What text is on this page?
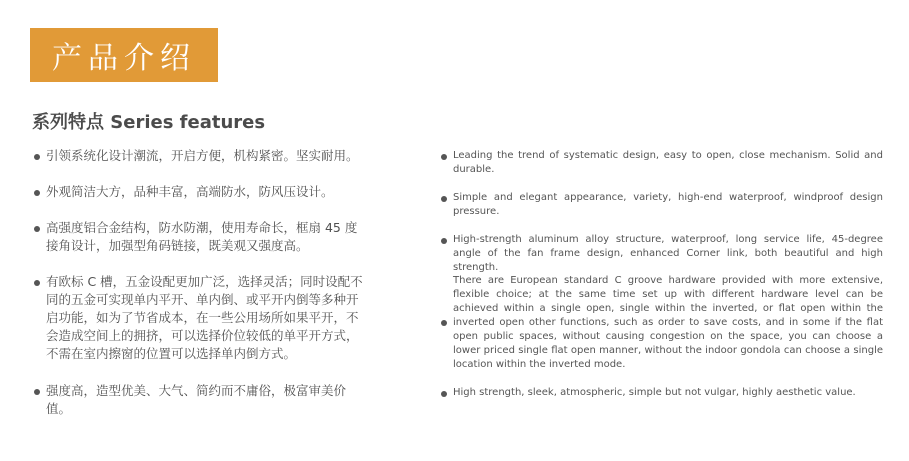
产品介绍
系列特点 Series features
引领系统化设计潮流，开启方便，机构紧密。坚实耐用。
外观简洁大方，品种丰富，高端防水，防风压设计。
高强度铝合金结构，防水防潮，使用寿命长，框扇 45 度接角设计，加强型角码链接，既美观又强度高。
有欧标 C 槽，五金设配更加广泛，选择灵活；同时设配不同的五金可实现单内平开、单内倒、或平开内倒等多种开启功能，如为了节省成本，在一些公用场所如果平开，不会造成空间上的拥挤，可以选择价位较低的单平开方式，不需在室内擦窗的位置可以选择单内倒方式。
强度高，造型优美、大气、简约而不庸俗，极富审美价值。
Leading the trend of systematic design, easy to open, close mechanism. Solid and durable.
Simple and elegant appearance, variety, high-end waterproof, windproof design pressure.
High-strength aluminum alloy structure, waterproof, long service life, 45-degree angle of the fan frame design, enhanced Corner link, both beautiful and high strength.
There are European standard C groove hardware provided with more extensive, flexible choice; at the same time set up with different hardware level can be achieved within a single open, single within the inverted, or flat open within the inverted open other functions, such as order to save costs, and in some if the flat open public spaces, without causing congestion on the space, you can choose a lower priced single flat open manner, without the indoor gondola can choose a single location within the inverted mode.
High strength, sleek, atmospheric, simple but not vulgar, highly aesthetic value.
